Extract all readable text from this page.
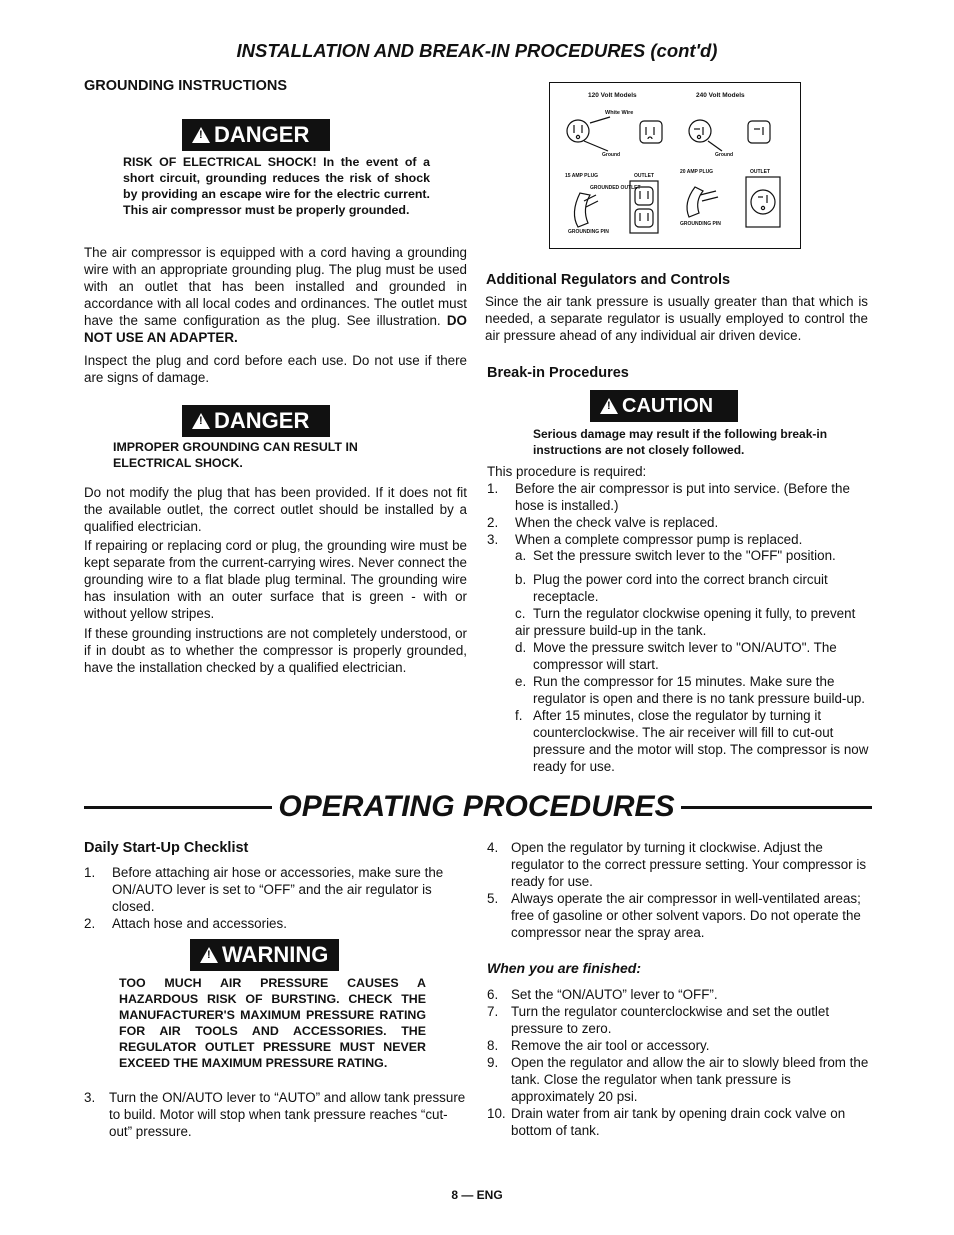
INSTALLATION AND BREAK-IN PROCEDURES (cont'd)
GROUNDING INSTRUCTIONS
!
DANGER
RISK OF ELECTRICAL SHOCK! In the event of a short circuit, grounding reduces the risk of shock by providing an escape wire for the electric current. This air compressor must be properly grounded.
The air compressor is equipped with a cord having a grounding wire with an appropriate grounding plug. The plug must be used with an outlet that has been installed and grounded in accordance with all local codes and ordinances. The outlet must have the same configuration as the plug. See illustration. DO NOT USE AN ADAPTER.
Inspect the plug and cord before each use. Do not use if there are signs of damage.
!
DANGER
IMPROPER GROUNDING CAN RESULT IN ELECTRICAL SHOCK.
Do not modify the plug that has been provided. If it does not fit the available outlet, the correct outlet should be installed by a qualified electrician.
If repairing or replacing cord or plug, the grounding wire must be kept separate from the current-carrying wires. Never connect the grounding wire to a flat blade plug terminal. The grounding wire has insulation with an outer surface that is green - with or without yellow stripes.
If these grounding instructions are not completely understood, or if in doubt as to whether the compressor is properly grounded, have the installation checked by a qualified electrician.
120 Volt Models	240 Volt Models
White Wire
Ground	Ground
15 AMP PLUG	OUTLET
GROUNDED OUTLET
GROUNDING PIN
20 AMP PLUG	OUTLET
GROUNDING PIN
Additional Regulators and Controls
Since the air tank pressure is usually greater than that which is needed, a separate regulator is usually employed to control the air pressure ahead of any individual air driven device.
Break-in Procedures
!
CAUTION
Serious damage may result if the following break-in instructions are not closely followed.
This procedure is required:
1.	Before the air compressor is put into service. (Before the hose is installed.)
2.	When the check valve is replaced.
3.	When a complete compressor pump is replaced.
a. Set the pressure switch lever to the "OFF" position.
b. Plug the power cord into the correct branch circuit receptacle.
c. Turn the regulator clockwise opening it fully, to prevent air pressure build-up in the tank.
d. Move the pressure switch lever to "ON/AUTO". The compressor will start.
e. Run the compressor for 15 minutes. Make sure the regulator is open and there is no tank pressure build-up.
f. After 15 minutes, close the regulator by turning it counterclockwise. The air receiver will fill to cut-out pressure and the motor will stop. The compressor is now ready for use.
OPERATING PROCEDURES
Daily Start-Up Checklist
1.	Before attaching air hose or accessories, make sure the ON/AUTO lever is set to “OFF” and the air regulator is closed.
2.	Attach hose and accessories.
!
WARNING
TOO MUCH AIR PRESSURE CAUSES A HAZARDOUS RISK OF BURSTING. CHECK THE MANUFACTURER'S MAXIMUM PRESSURE RATING FOR AIR TOOLS AND ACCESSORIES. THE REGULATOR OUTLET PRESSURE MUST NEVER EXCEED THE MAXIMUM PRESSURE RATING.
3.	Turn the ON/AUTO lever to “AUTO” and allow tank pressure to build. Motor will stop when tank pressure reaches “cut-out” pressure.
4. Open the regulator by turning it clockwise. Adjust the regulator to the correct pressure setting. Your compressor is ready for use.
5. Always operate the air compressor in well-ventilated areas; free of gasoline or other solvent vapors. Do not operate the compressor near the spray area.
When you are finished:
6. Set the “ON/AUTO” lever to “OFF”.
7. Turn the regulator counterclockwise and set the outlet pressure to zero.
8. Remove the air tool or accessory.
9. Open the regulator and allow the air to slowly bleed from the tank. Close the regulator when tank pressure is approximately 20 psi.
10. Drain water from air tank by opening drain cock valve on bottom of tank.
8 — ENG
